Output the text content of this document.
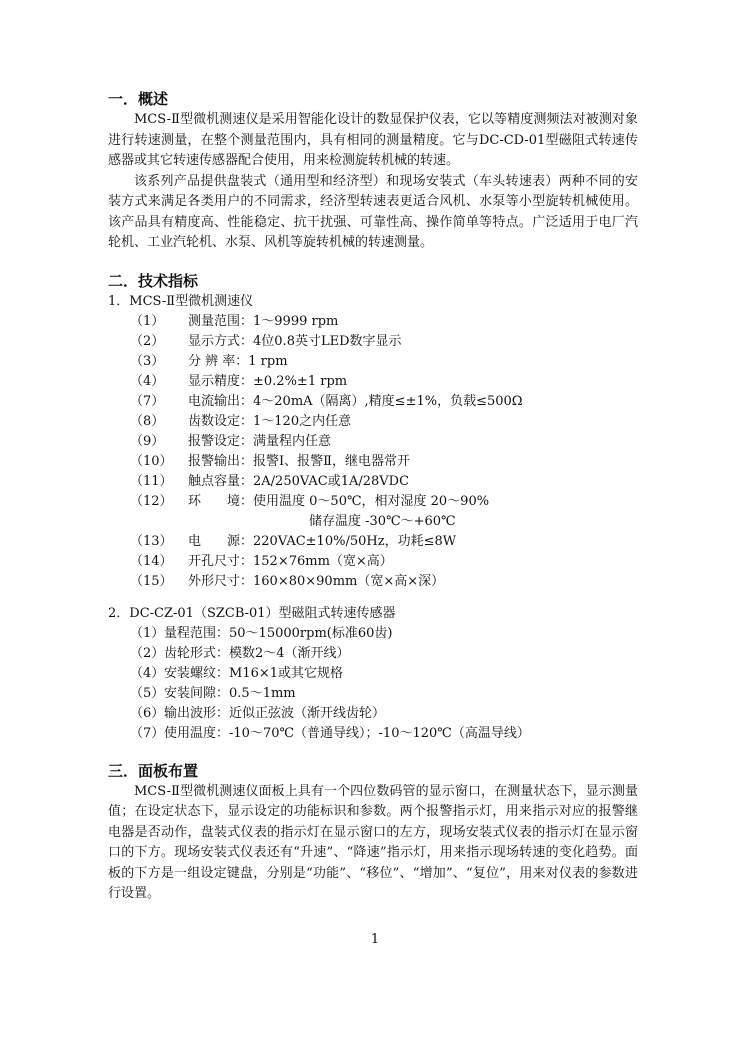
一．概述

MCS-Ⅱ型微机测速仪是采用智能化设计的数显保护仪表，它以等精度测频法对被测对象进行转速测量，在整个测量范围内，具有相同的测量精度。它与DC-CD-01型磁阻式转速传感器或其它转速传感器配合使用，用来检测旋转机械的转速。

该系列产品提供盘装式（通用型和经济型）和现场安装式（车头转速表）两种不同的安装方式来满足各类用户的不同需求，经济型转速表更适合风机、水泵等小型旋转机械使用。该产品具有精度高、性能稳定、抗干扰强、可靠性高、操作简单等特点。广泛适用于电厂汽轮机、工业汽轮机、水泵、风机等旋转机械的转速测量。

二．技术指标
1．MCS-Ⅱ型微机测速仪
（1）	测量范围： 1～9999 rpm
（2）	显示方式： 4位0.8英寸LED数字显示
（3）	分 辨 率： 1 rpm
（4）	显示精度： ±0.2%±1 rpm
（7）	电流输出： 4～20mA（隔离）,精度≤±1%，负载≤500Ω
（8）	齿数设定： 1～120之内任意
（9）	报警设定： 满量程内任意
（10）	报警输出： 报警Ⅰ、报警Ⅱ，继电器常开
（11）	触点容量： 2A/250VAC或1A/28VDC
（12）	环　　境： 使用温度 0～50℃，相对湿度 20～90%
储存温度 -30℃～+60℃
（13）	电　　源： 220VAC±10%/50Hz，功耗≤8W
（14）	开孔尺寸： 152×76mm（宽×高）
（15）	外形尺寸： 160×80×90mm（宽×高×深）
2．DC-CZ-01（SZCB-01）型磁阻式转速传感器
（1） 量程范围： 50～15000rpm(标准60齿)
（2） 齿轮形式： 模数2～4（渐开线）
（4） 安装螺纹： M16×1或其它规格
（5） 安装间隙： 0.5～1mm
（6） 输出波形： 近似正弦波（渐开线齿轮）
（7） 使用温度： -10～70℃（普通导线）；-10～120℃（高温导线）
三．面板布置

MCS-Ⅱ型微机测速仪面板上具有一个四位数码管的显示窗口，在测量状态下，显示测量值；在设定状态下，显示设定的功能标识和参数。两个报警指示灯，用来指示对应的报警继电器是否动作，盘装式仪表的指示灯在显示窗口的左方，现场安装式仪表的指示灯在显示窗口的下方。现场安装式仪表还有“升速”、“降速”指示灯，用来指示现场转速的变化趋势。面板的下方是一组设定键盘，分别是“功能”、“移位”、“增加”、“复位”，用来对仪表的参数进行设置。

1
